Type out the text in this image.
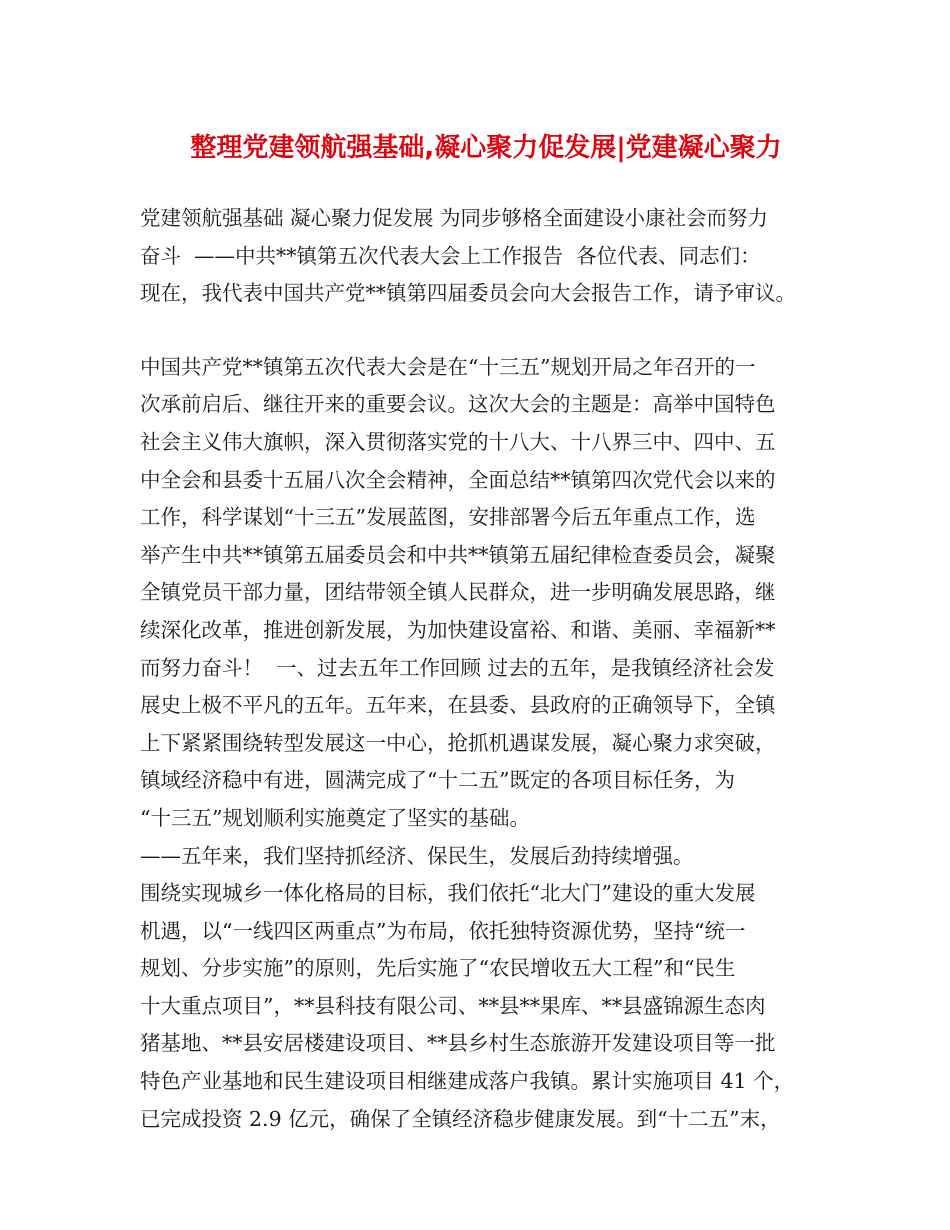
整理党建领航强基础,凝心聚力促发展|党建凝心聚力
党建领航强基础 凝心聚力促发展 为同步够格全面建设小康社会而努力
奋斗  ——中共**镇第五次代表大会上工作报告  各位代表、同志们：
现在，我代表中国共产党**镇第四届委员会向大会报告工作，请予审议。
中国共产党**镇第五次代表大会是在“十三五”规划开局之年召开的一
次承前启后、继往开来的重要会议。这次大会的主题是：高举中国特色
社会主义伟大旗帜，深入贯彻落实党的十八大、十八界三中、四中、五
中全会和县委十五届八次全会精神，全面总结**镇第四次党代会以来的
工作，科学谋划“十三五”发展蓝图，安排部署今后五年重点工作，选
举产生中共**镇第五届委员会和中共**镇第五届纪律检查委员会，凝聚
全镇党员干部力量，团结带领全镇人民群众，进一步明确发展思路，继
续深化改革，推进创新发展，为加快建设富裕、和谐、美丽、幸福新**
而努力奋斗！  一、过去五年工作回顾 过去的五年，是我镇经济社会发
展史上极不平凡的五年。五年来，在县委、县政府的正确领导下，全镇
上下紧紧围绕转型发展这一中心，抢抓机遇谋发展，凝心聚力求突破，
镇域经济稳中有进，圆满完成了“十二五”既定的各项目标任务，为
“十三五”规划顺利实施奠定了坚实的基础。
——五年来，我们坚持抓经济、保民生，发展后劲持续增强。
围绕实现城乡一体化格局的目标，我们依托“北大门”建设的重大发展
机遇，以“一线四区两重点”为布局，依托独特资源优势，坚持“统一
规划、分步实施”的原则，先后实施了“农民增收五大工程”和“民生
十大重点项目”，**县科技有限公司、**县**果库、**县盛锦源生态肉
猪基地、**县安居楼建设项目、**县乡村生态旅游开发建设项目等一批
特色产业基地和民生建设项目相继建成落户我镇。累计实施项目 41 个，
已完成投资 2.9 亿元，确保了全镇经济稳步健康发展。到“十二五”末，
